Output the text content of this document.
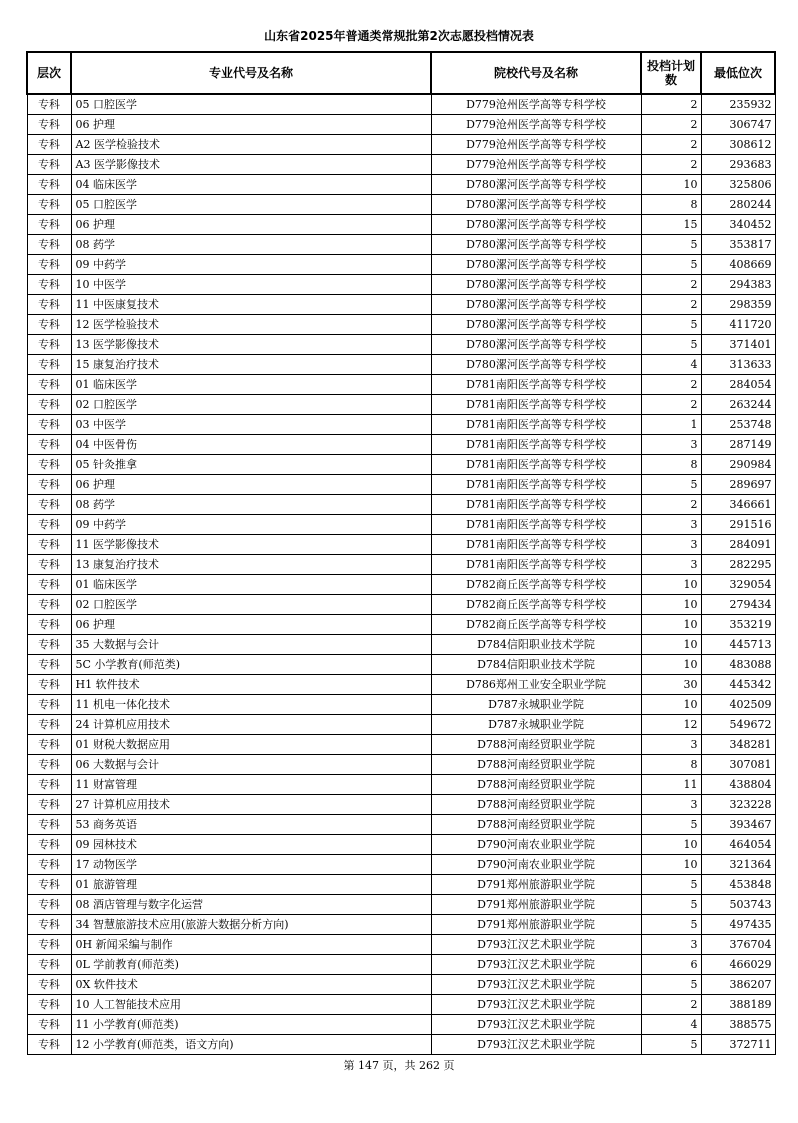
山东省2025年普通类常规批第2次志愿投档情况表
层次	专业代号及名称	院校代号及名称	投档计划数	最低位次
专科	05 口腔医学	D779沧州医学高等专科学校	2	235932
专科	06 护理	D779沧州医学高等专科学校	2	306747
专科	A2 医学检验技术	D779沧州医学高等专科学校	2	308612
专科	A3 医学影像技术	D779沧州医学高等专科学校	2	293683
专科	04 临床医学	D780漯河医学高等专科学校	10	325806
专科	05 口腔医学	D780漯河医学高等专科学校	8	280244
专科	06 护理	D780漯河医学高等专科学校	15	340452
专科	08 药学	D780漯河医学高等专科学校	5	353817
专科	09 中药学	D780漯河医学高等专科学校	5	408669
专科	10 中医学	D780漯河医学高等专科学校	2	294383
专科	11 中医康复技术	D780漯河医学高等专科学校	2	298359
专科	12 医学检验技术	D780漯河医学高等专科学校	5	411720
专科	13 医学影像技术	D780漯河医学高等专科学校	5	371401
专科	15 康复治疗技术	D780漯河医学高等专科学校	4	313633
专科	01 临床医学	D781南阳医学高等专科学校	2	284054
专科	02 口腔医学	D781南阳医学高等专科学校	2	263244
专科	03 中医学	D781南阳医学高等专科学校	1	253748
专科	04 中医骨伤	D781南阳医学高等专科学校	3	287149
专科	05 针灸推拿	D781南阳医学高等专科学校	8	290984
专科	06 护理	D781南阳医学高等专科学校	5	289697
专科	08 药学	D781南阳医学高等专科学校	2	346661
专科	09 中药学	D781南阳医学高等专科学校	3	291516
专科	11 医学影像技术	D781南阳医学高等专科学校	3	284091
专科	13 康复治疗技术	D781南阳医学高等专科学校	3	282295
专科	01 临床医学	D782商丘医学高等专科学校	10	329054
专科	02 口腔医学	D782商丘医学高等专科学校	10	279434
专科	06 护理	D782商丘医学高等专科学校	10	353219
专科	35 大数据与会计	D784信阳职业技术学院	10	445713
专科	5C 小学教育(师范类)	D784信阳职业技术学院	10	483088
专科	H1 软件技术	D786郑州工业安全职业学院	30	445342
专科	11 机电一体化技术	D787永城职业学院	10	402509
专科	24 计算机应用技术	D787永城职业学院	12	549672
专科	01 财税大数据应用	D788河南经贸职业学院	3	348281
专科	06 大数据与会计	D788河南经贸职业学院	8	307081
专科	11 财富管理	D788河南经贸职业学院	11	438804
专科	27 计算机应用技术	D788河南经贸职业学院	3	323228
专科	53 商务英语	D788河南经贸职业学院	5	393467
专科	09 园林技术	D790河南农业职业学院	10	464054
专科	17 动物医学	D790河南农业职业学院	10	321364
专科	01 旅游管理	D791郑州旅游职业学院	5	453848
专科	08 酒店管理与数字化运营	D791郑州旅游职业学院	5	503743
专科	34 智慧旅游技术应用(旅游大数据分析方向)	D791郑州旅游职业学院	5	497435
专科	0H 新闻采编与制作	D793江汉艺术职业学院	3	376704
专科	0L 学前教育(师范类)	D793江汉艺术职业学院	6	466029
专科	0X 软件技术	D793江汉艺术职业学院	5	386207
专科	10 人工智能技术应用	D793江汉艺术职业学院	2	388189
专科	11 小学教育(师范类)	D793江汉艺术职业学院	4	388575
专科	12 小学教育(师范类，语文方向)	D793江汉艺术职业学院	5	372711
第 147 页，共 262 页
